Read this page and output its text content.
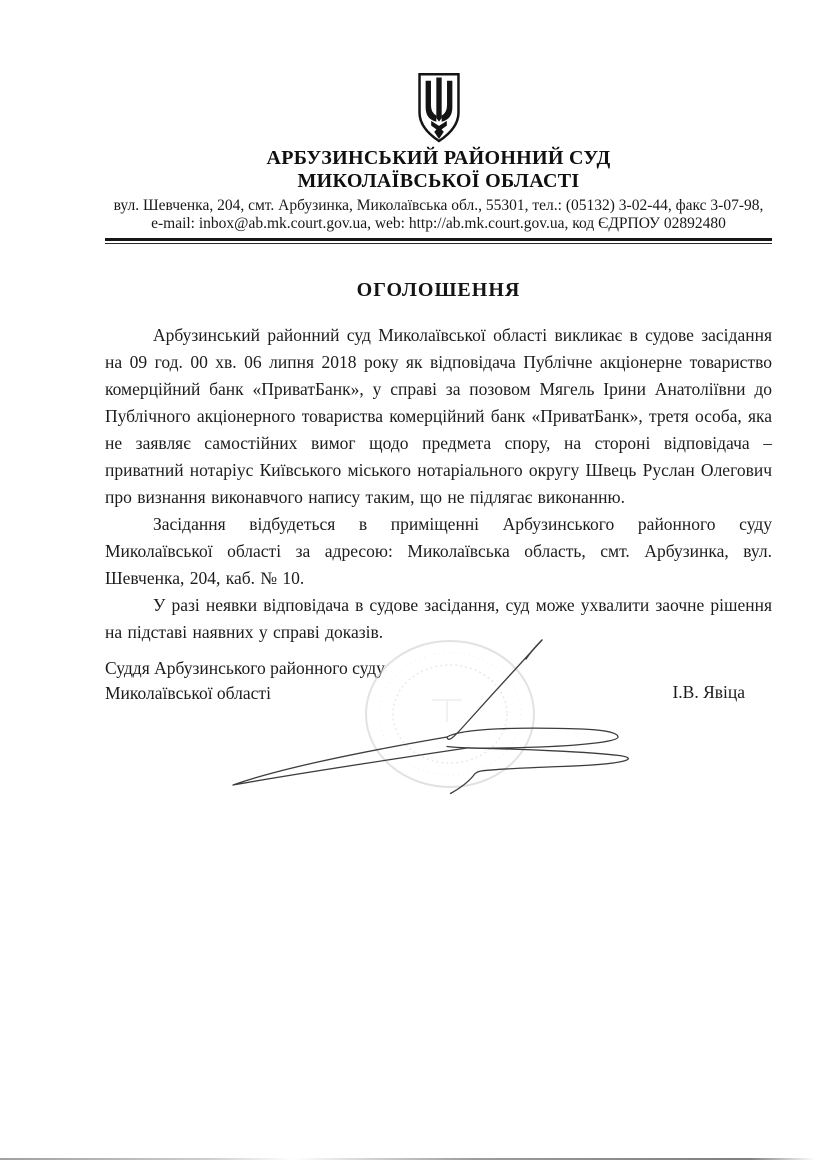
АРБУЗИНСЬКИЙ РАЙОННИЙ СУД
МИКОЛАЇВСЬКОЇ ОБЛАСТІ
вул. Шевченка, 204, смт. Арбузинка, Миколаївська обл., 55301, тел.: (05132) 3-02-44, факс 3-07-98,
e-mail: inbox@ab.mk.court.gov.ua, web: http://ab.mk.court.gov.ua, код ЄДРПОУ 02892480
ОГОЛОШЕННЯ

Арбузинський районний суд Миколаївської області викликає в судове засідання на 09 год. 00 хв. 06 липня 2018 року як відповідача Публічне акціонерне товариство комерційний банк «ПриватБанк», у справі за позовом Мягель Ірини Анатоліївни до Публічного акціонерного товариства комерційний банк «ПриватБанк», третя особа, яка не заявляє самостійних вимог щодо предмета спору, на стороні відповідача – приватний нотаріус Київського міського нотаріального округу Швець Руслан Олегович про визнання виконавчого напису таким, що не підлягає виконанню.

Засідання відбудеться в приміщенні Арбузинського районного суду Миколаївської області за адресою: Миколаївська область, смт. Арбузинка, вул. Шевченка, 204, каб. № 10.

У разі неявки відповідача в судове засідання, суд може ухвалити заочне рішення на підставі наявних у справі доказів.

Суддя Арбузинського районного суду
Миколаївської області	І.В. Явіца
